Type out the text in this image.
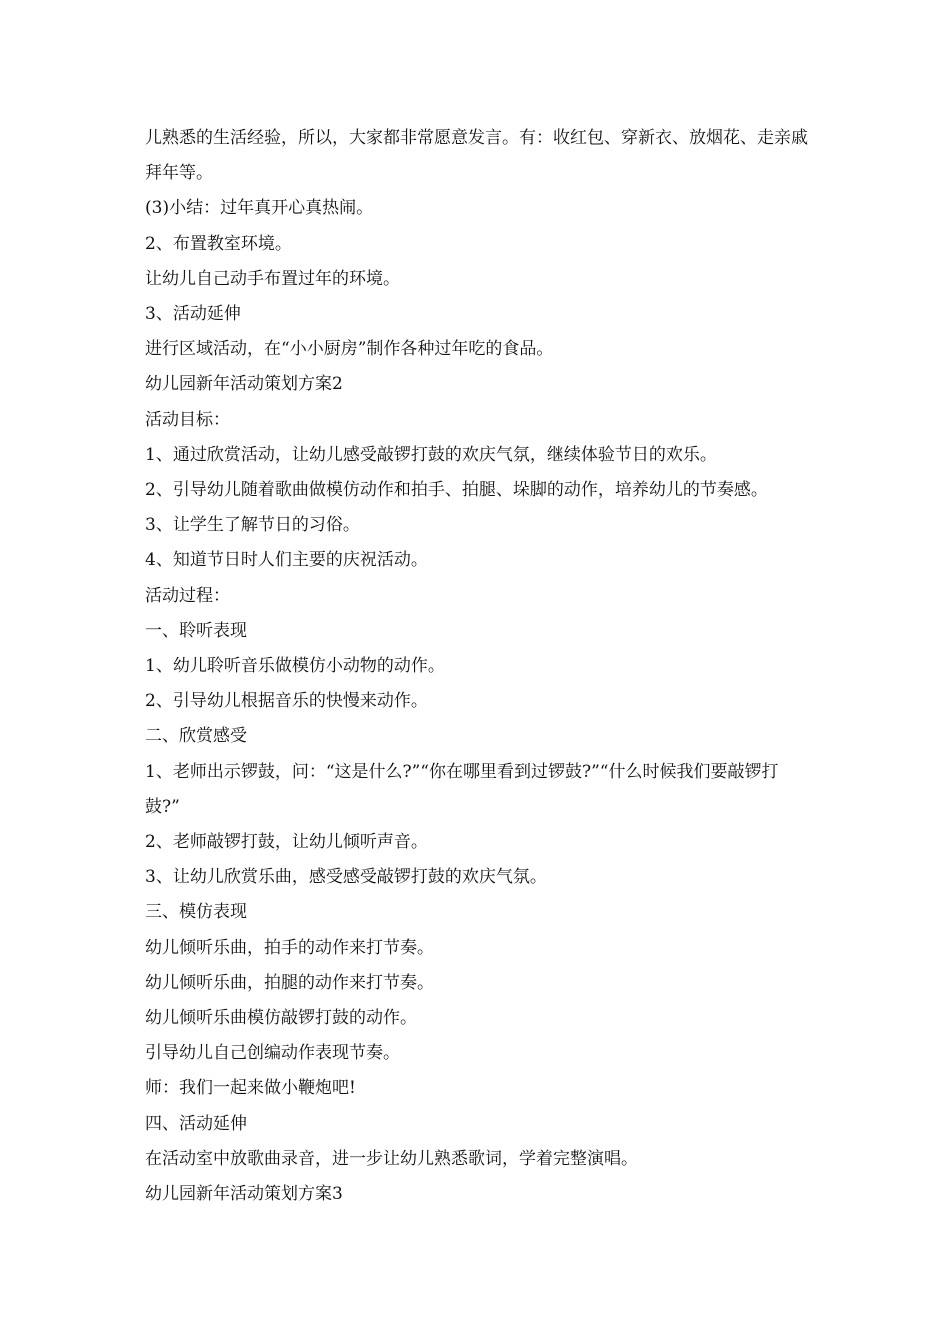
儿熟悉的生活经验，所以，大家都非常愿意发言。有：收红包、穿新衣、放烟花、走亲戚拜年等。

(3)小结：过年真开心真热闹。

2、布置教室环境。

让幼儿自己动手布置过年的环境。

3、活动延伸

进行区域活动，在“小小厨房”制作各种过年吃的食品。

幼儿园新年活动策划方案2

活动目标：

1、通过欣赏活动，让幼儿感受敲锣打鼓的欢庆气氛，继续体验节日的欢乐。

2、引导幼儿随着歌曲做模仿动作和拍手、拍腿、垛脚的动作，培养幼儿的节奏感。

3、让学生了解节日的习俗。

4、知道节日时人们主要的庆祝活动。

活动过程：

一、聆听表现

1、幼儿聆听音乐做模仿小动物的动作。

2、引导幼儿根据音乐的快慢来动作。

二、欣赏感受

1、老师出示锣鼓，问：“这是什么?”“你在哪里看到过锣鼓?”“什么时候我们要敲锣打鼓?”

2、老师敲锣打鼓，让幼儿倾听声音。

3、让幼儿欣赏乐曲，感受感受敲锣打鼓的欢庆气氛。

三、模仿表现

幼儿倾听乐曲，拍手的动作来打节奏。

幼儿倾听乐曲，拍腿的动作来打节奏。

幼儿倾听乐曲模仿敲锣打鼓的动作。

引导幼儿自己创编动作表现节奏。

师：我们一起来做小鞭炮吧!

四、活动延伸

在活动室中放歌曲录音，进一步让幼儿熟悉歌词，学着完整演唱。

幼儿园新年活动策划方案3
